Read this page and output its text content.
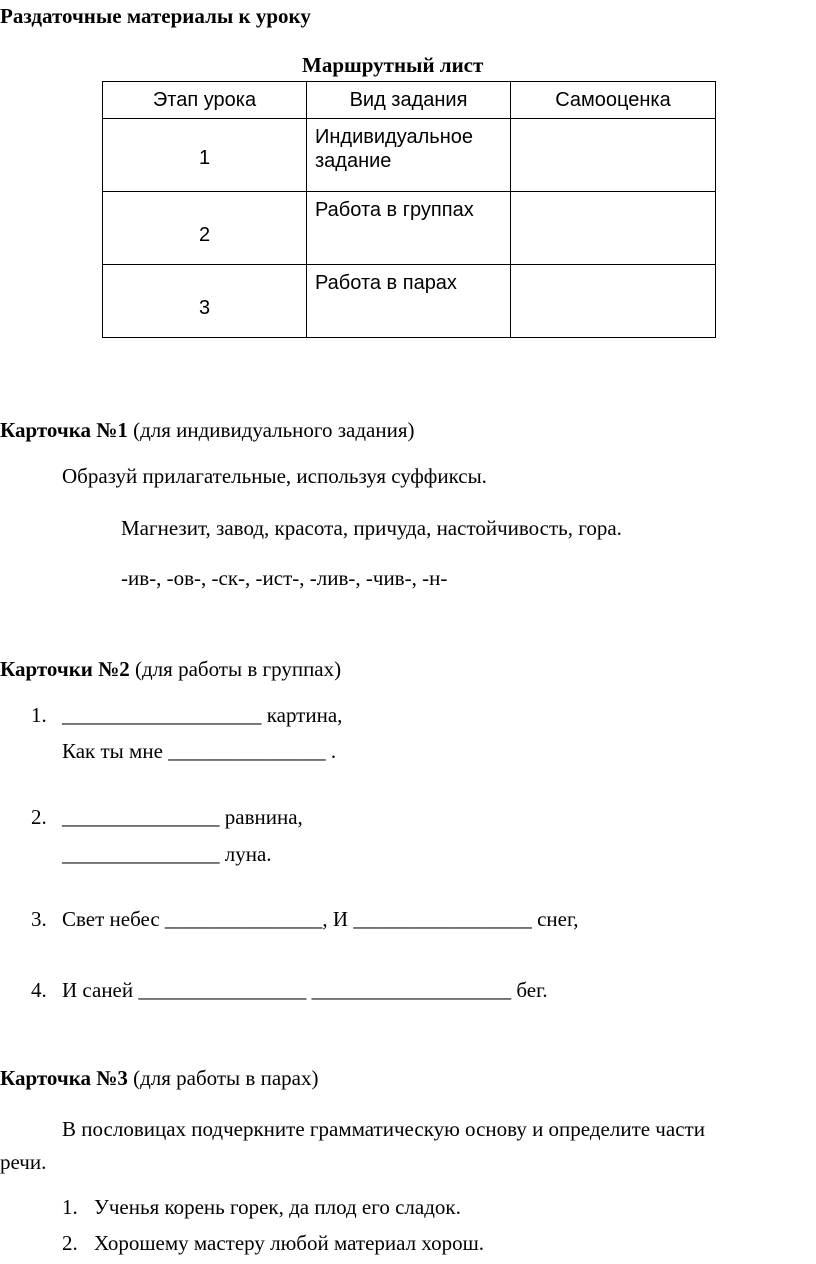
Раздаточные материалы к уроку
Маршрутный лист
Этап урока	Вид задания	Самооценка
1	Индивидуальное задание	
2	Работа в группах	
3	Работа в парах	
Карточка №1 (для индивидуального задания)
Образуй прилагательные, используя суффиксы.
Магнезит, завод, красота, причуда, настойчивость, гора.
-ив-, -ов-, -ск-, -ист-, -лив-, -чив-, -н-
Карточки №2 (для работы в группах)
1. ___________________ картина,
Как ты мне _______________ .
2. _______________ равнина,
_______________ луна.
3. Свет небес _______________, И _________________ снег,
4. И саней ________________ ___________________ бег.
Карточка №3 (для работы в парах)
В пословицах подчеркните грамматическую основу и определите части
речи.
1. Ученья корень горек, да плод его сладок.
2. Хорошему мастеру любой материал хорош.
